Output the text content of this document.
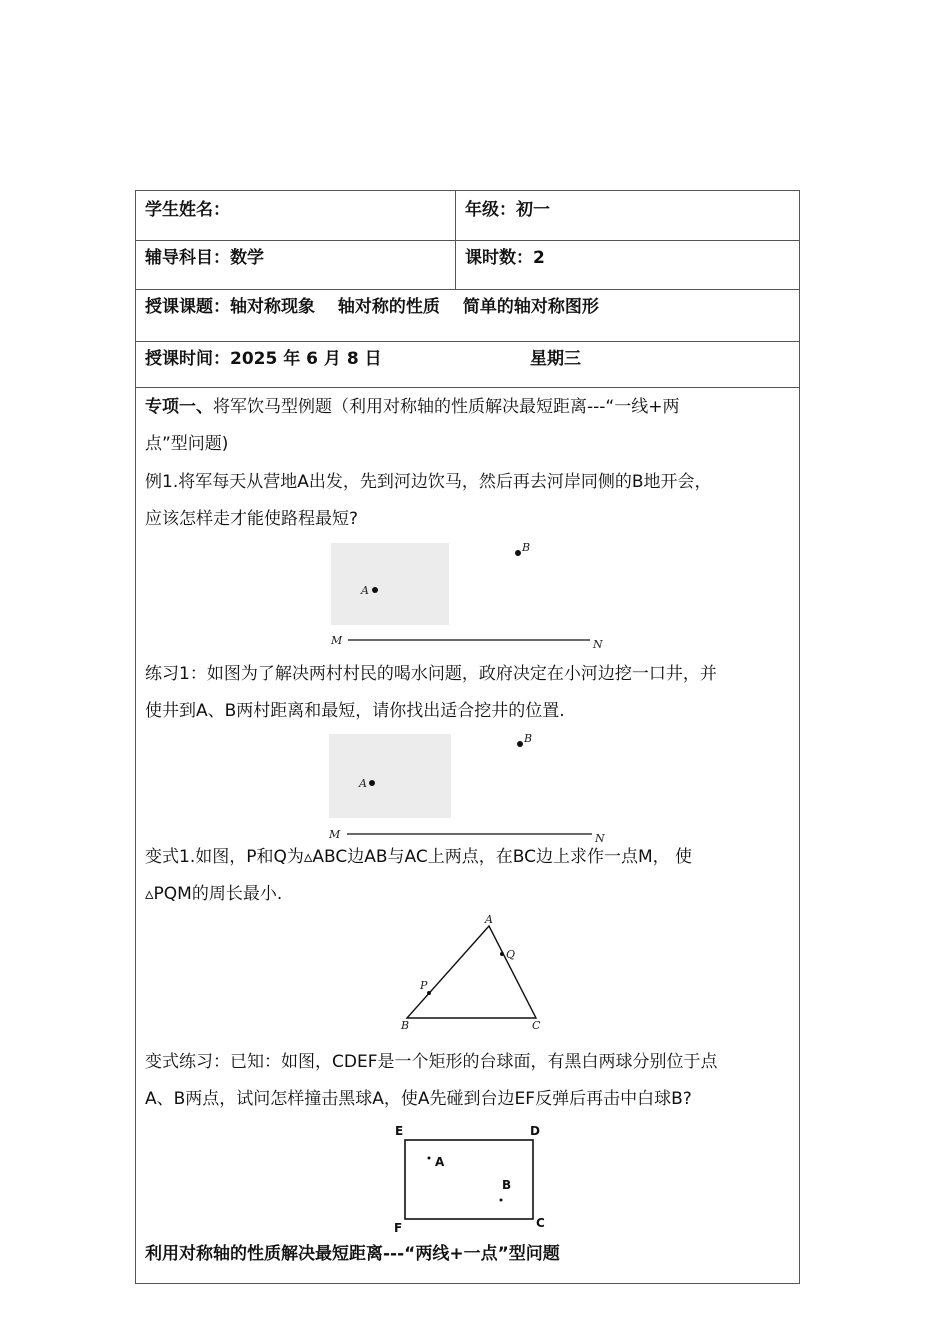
学生姓名：	年级：初一
辅导科目：数学	课时数：2
授课课题：轴对称现象　 轴对称的性质 　简单的轴对称图形
授课时间：2025 年 6 月 8 日	星期三
专项一、将军饮马型例题（利用对称轴的性质解决最短距离---“一线+两
点”型问题)
例1.将军每天从营地A出发，先到河边饮马，然后再去河岸同侧的B地开会，
应该怎样走才能使路程最短?
A
B
M	N
练习1：如图为了解决两村村民的喝水问题，政府决定在小河边挖一口井，并
使井到A、B两村距离和最短，请你找出适合挖井的位置.
A
B
M	N
变式1.如图，P和Q为▵ABC边AB与AC上两点，在BC边上求作一点M， 使
▵PQM的周长最小.
A
B	C
P
Q
变式练习：已知：如图，CDEF是一个矩形的台球面，有黑白两球分别位于点
A、B两点，试问怎样撞击黑球A，使A先碰到台边EF反弹后再击中白球B?
E	D
F	C
A
B
利用对称轴的性质解决最短距离---“两线+一点”型问题
